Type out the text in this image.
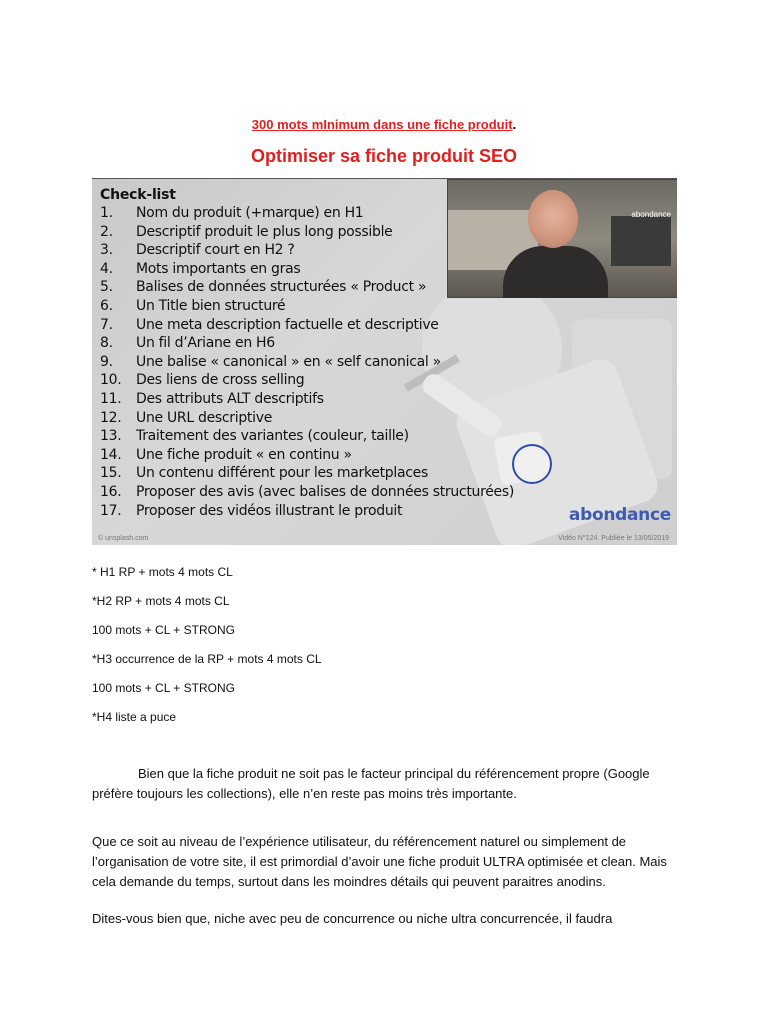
300 mots mInimum dans une fiche produit.
Optimiser sa fiche produit SEO
abondance
Check-list
1.	Nom du produit (+marque) en H1
2.	Descriptif produit le plus long possible
3.	Descriptif court en H2 ?
4.	Mots importants en gras
5.	Balises de données structurées « Product »
6.	Un Title bien structuré
7.	Une meta description factuelle et descriptive
8.	Un fil d’Ariane en H6
9.	Une balise « canonical » en « self canonical »
10.	Des liens de cross selling
11.	Des attributs ALT descriptifs
12.	Une URL descriptive
13.	Traitement des variantes (couleur, taille)
14.	Une fiche produit « en continu »
15.	Un contenu différent pour les marketplaces
16.	Proposer des avis (avec balises de données structurées)
17.	Proposer des vidéos illustrant le produit	abondance
© unsplash.com	Vidéo N°124. Publiée le 13/05/2019
* H1 RP + mots 4 mots CL
*H2 RP + mots 4 mots CL
100 mots + CL + STRONG
*H3 occurrence de la RP + mots 4 mots CL
100 mots + CL + STRONG
*H4 liste a puce
Bien que la fiche produit ne soit pas le facteur principal du référencement propre (Google préfère toujours les collections), elle n’en reste pas moins très importante.
Que ce soit au niveau de l’expérience utilisateur, du référencement naturel ou simplement de l’organisation de votre site, il est primordial d’avoir une fiche produit ULTRA optimisée et clean. Mais cela demande du temps, surtout dans les moindres détails qui peuvent paraitres anodins.
Dites-vous bien que, niche avec peu de concurrence ou niche ultra concurrencée, il faudra
